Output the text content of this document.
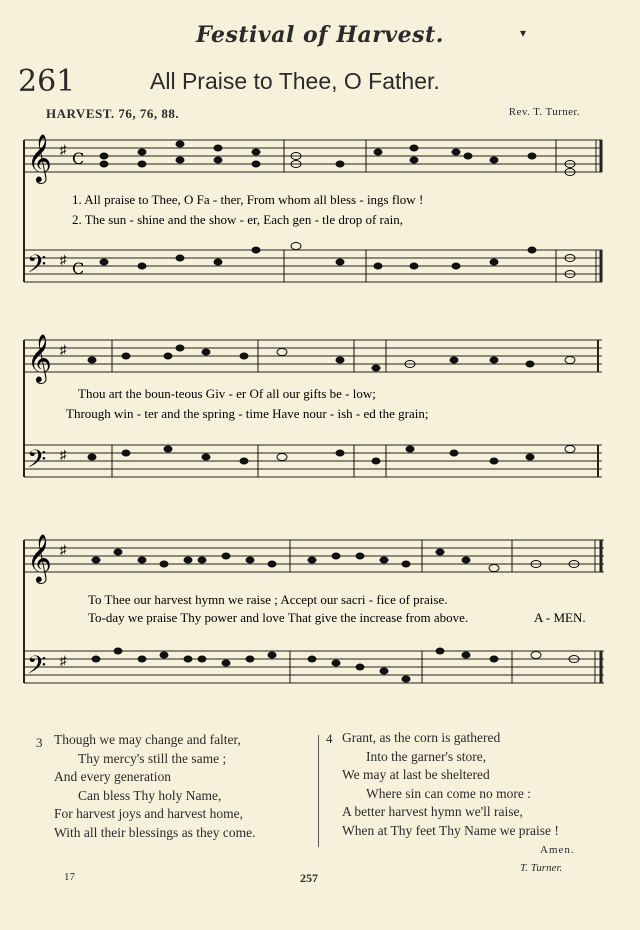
Festival of Harvest.	▾
261	All Praise to Thee, O Father.
HARVEST. 76, 76, 88.	Rev. T. Turner.
𝄞
𝄢
♯
♯
C
C
1. All praise to Thee, O Fa - ther, From whom all bless - ings flow !
2. The sun - shine and the show - er, Each gen - tle drop of rain,
𝄞
𝄢
♯
♯
Thou art the boun-teous Giv - er Of all our gifts be - low;
Through win - ter and the spring - time Have nour - ish - ed the grain;
𝄞
𝄢
♯
♯
To Thee our harvest hymn we raise ; Accept our sacri - fice of praise.
To-day we praise Thy power and love That give the increase from above.	A - MEN.
3 Though we may change and falter,
Thy mercy's still the same ;
And every generation
Can bless Thy holy Name,
For harvest joys and harvest home,
With all their blessings as they come.
4 Grant, as the corn is gathered
Into the garner's store,
We may at last be sheltered
Where sin can come no more :
A better harvest hymn we'll raise,
When at Thy feet Thy Name we praise !
Amen.
T. Turner.
17	257
